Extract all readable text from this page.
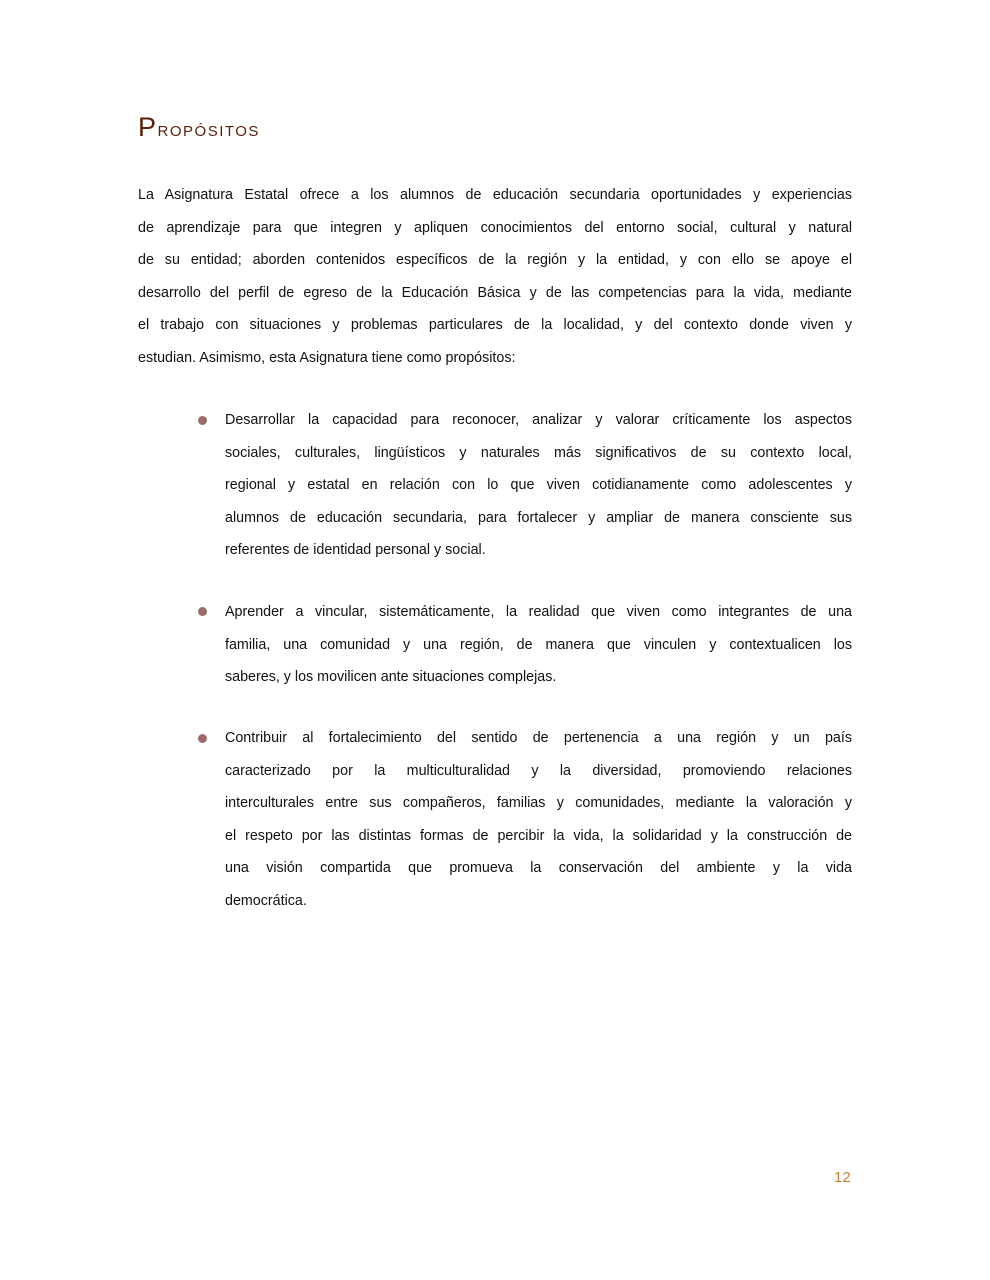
Propósitos
La Asignatura Estatal ofrece a los alumnos de educación secundaria oportunidades y experiencias
de aprendizaje para que integren y apliquen conocimientos del entorno social, cultural y natural
de su entidad; aborden contenidos específicos de la región y la entidad, y con ello se apoye el
desarrollo del perfil de egreso de la Educación Básica y de las competencias para la vida, mediante
el trabajo con situaciones y problemas particulares de la localidad, y del contexto donde viven y
estudian. Asimismo, esta Asignatura tiene como propósitos:
Desarrollar la capacidad para reconocer, analizar y valorar críticamente los aspectos
sociales, culturales, lingüísticos y naturales más significativos de su contexto local,
regional y estatal en relación con lo que viven cotidianamente como adolescentes y
alumnos de educación secundaria, para fortalecer y ampliar de manera consciente sus
referentes de identidad personal y social.
Aprender a vincular, sistemáticamente, la realidad que viven como integrantes de una
familia, una comunidad y una región, de manera que vinculen y contextualicen los
saberes, y los movilicen ante situaciones complejas.
Contribuir al fortalecimiento del sentido de pertenencia a una región y un país
caracterizado por la multiculturalidad y la diversidad, promoviendo relaciones
interculturales entre sus compañeros, familias y comunidades, mediante la valoración y
el respeto por las distintas formas de percibir la vida, la solidaridad y la construcción de
una visión compartida que promueva la conservación del ambiente y la vida
democrática.
12
